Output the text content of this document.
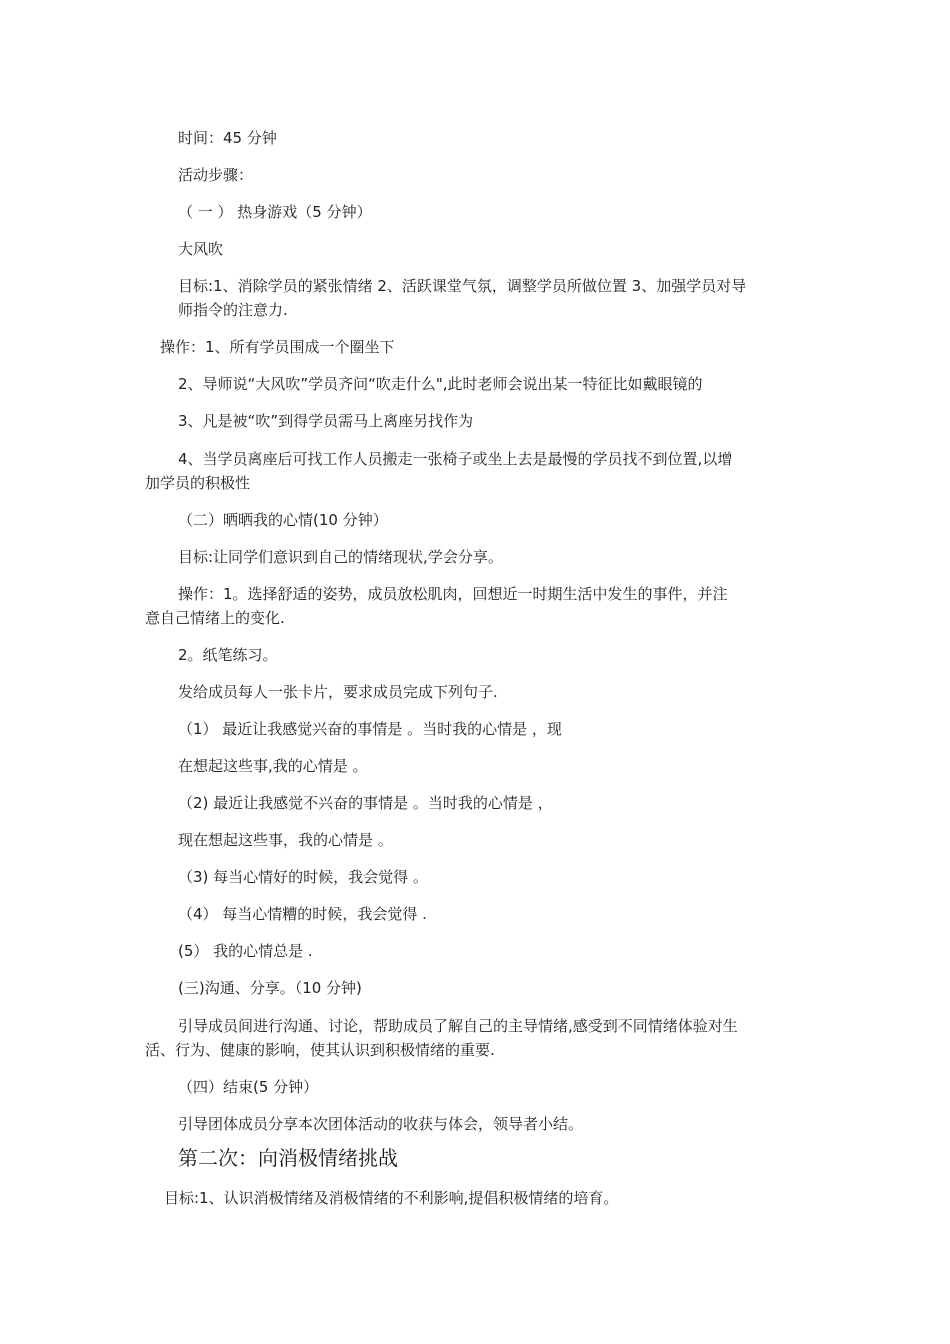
时间：45 分钟
活动步骤：
（ 一 ） 热身游戏（5 分钟）
大风吹
目标:1、消除学员的紧张情绪 2、活跃课堂气氛，调整学员所做位置 3、加强学员对导
师指令的注意力.
操作：1、所有学员围成一个圈坐下
2、导师说“大风吹”学员齐问“吹走什么",此时老师会说出某一特征比如戴眼镜的
3、凡是被“吹”到得学员需马上离座另找作为
4、当学员离座后可找工作人员搬走一张椅子或坐上去是最慢的学员找不到位置,以增
加学员的积极性
（二）晒晒我的心情(10 分钟）
目标:让同学们意识到自己的情绪现状,学会分享。
操作：1。选择舒适的姿势，成员放松肌肉，回想近一时期生活中发生的事件，并注
意自己情绪上的变化.
2。纸笔练习。
发给成员每人一张卡片，要求成员完成下列句子.
（1） 最近让我感觉兴奋的事情是 。当时我的心情是 ，现
在想起这些事,我的心情是 。
（2) 最近让我感觉不兴奋的事情是 。当时我的心情是 ，
现在想起这些事，我的心情是 。
（3) 每当心情好的时候，我会觉得 。
（4） 每当心情糟的时候，我会觉得 .
(5） 我的心情总是 .
(三)沟通、分享。（10 分钟)
引导成员间进行沟通、讨论，帮助成员了解自己的主导情绪,感受到不同情绪体验对生
活、行为、健康的影响，使其认识到积极情绪的重要.
（四）结束(5 分钟）
引导团体成员分享本次团体活动的收获与体会，领导者小结。
第二次：向消极情绪挑战
目标:1、认识消极情绪及消极情绪的不利影响,提倡积极情绪的培育。
